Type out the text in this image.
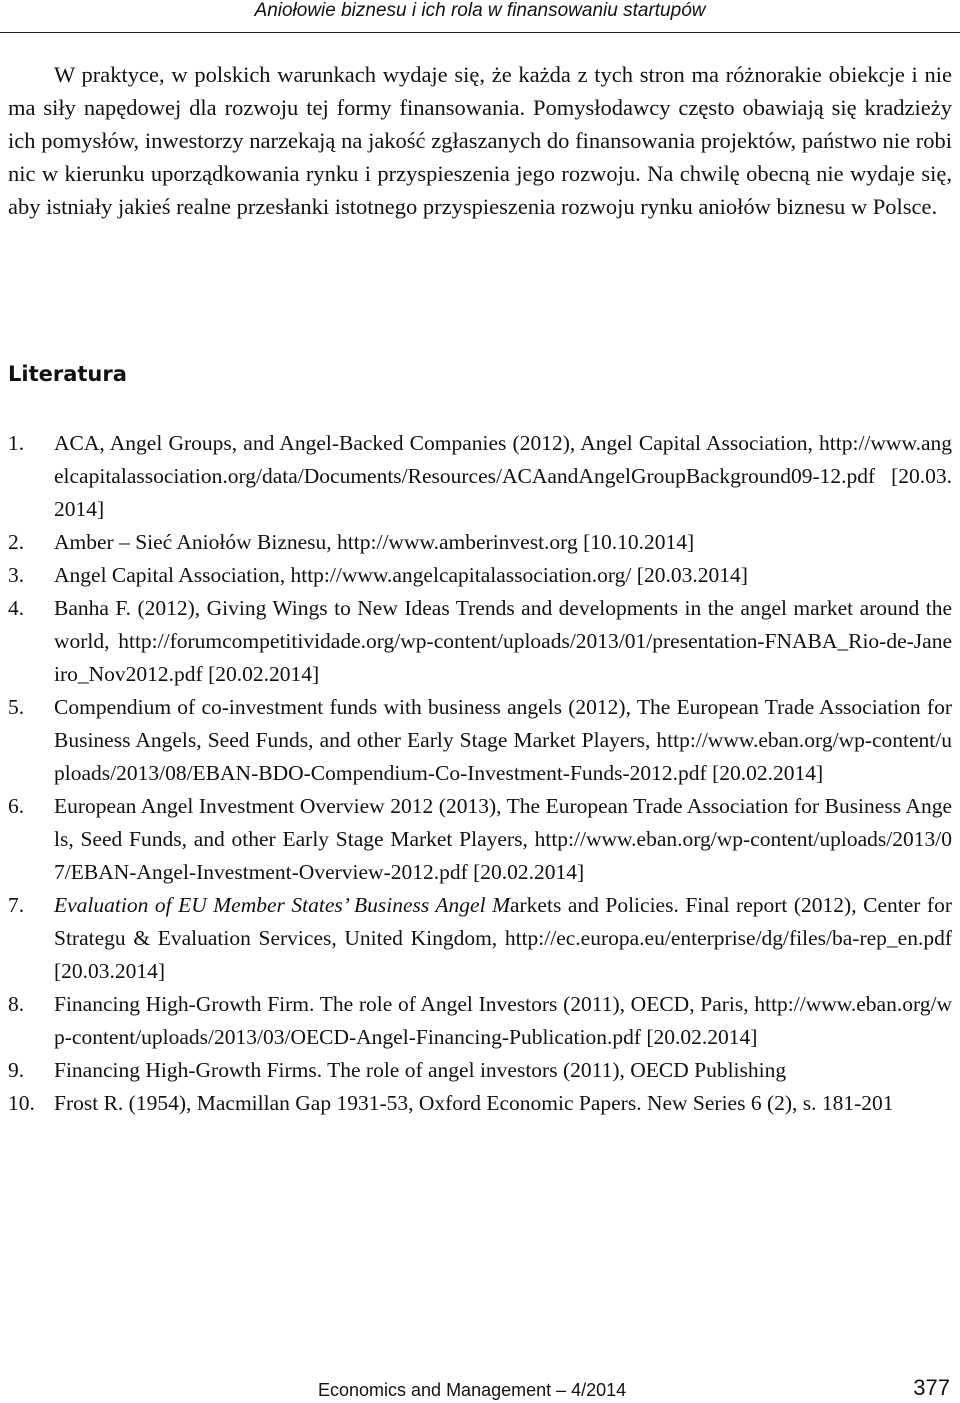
Aniołowie biznesu i ich rola w finansowaniu startupów

W praktyce, w polskich warunkach wydaje się, że każda z tych stron ma różnorakie obiekcje i nie ma siły napędowej dla rozwoju tej formy finansowania. Pomysłodawcy często obawiają się kradzieży ich pomysłów, inwestorzy narzekają na jakość zgłaszanych do finansowania projektów, państwo nie robi nic w kierunku uporządkowania rynku i przyspieszenia jego rozwoju. Na chwilę obecną nie wydaje się, aby istniały jakieś realne przesłanki istotnego przyspieszenia rozwoju rynku aniołów biznesu w Polsce.

Literatura
1. ACA, Angel Groups, and Angel-Backed Companies (2012), Angel Capital Association, http://www.angelcapitalassociation.org/data/Documents/Resources/ACAandAngelGroupBackground09-12.pdf [20.03.2014]
2. Amber – Sieć Aniołów Biznesu, http://www.amberinvest.org [10.10.2014]
3. Angel Capital Association, http://www.angelcapitalassociation.org/ [20.03.2014]
4. Banha F. (2012), Giving Wings to New Ideas Trends and developments in the angel market around the world, http://forumcompetitividade.org/wp-content/uploads/2013/01/presentation-FNABA_Rio-de-Janeiro_Nov2012.pdf [20.02.2014]
5. Compendium of co-investment funds with business angels (2012), The European Trade Association for Business Angels, Seed Funds, and other Early Stage Market Players, http://www.eban.org/wp-content/uploads/2013/08/EBAN-BDO-Compendium-Co-Investment-Funds-2012.pdf [20.02.2014]
6. European Angel Investment Overview 2012 (2013), The European Trade Association for Business Angels, Seed Funds, and other Early Stage Market Players, http://www.eban.org/wp-content/uploads/2013/07/EBAN-Angel-Investment-Overview-2012.pdf [20.02.2014]
7. Evaluation of EU Member States’ Business Angel Markets and Policies. Final report (2012), Center for Strategu & Evaluation Services, United Kingdom, http://ec.europa.eu/enterprise/dg/files/ba-rep_en.pdf [20.03.2014]
8. Financing High-Growth Firm. The role of Angel Investors (2011), OECD, Paris, http://www.eban.org/wp-content/uploads/2013/03/OECD-Angel-Financing-Publication.pdf [20.02.2014]
9. Financing High-Growth Firms. The role of angel investors (2011), OECD Publishing
10. Frost R. (1954), Macmillan Gap 1931-53, Oxford Economic Papers. New Series 6 (2), s. 181-201
Economics and Management – 4/2014	377
